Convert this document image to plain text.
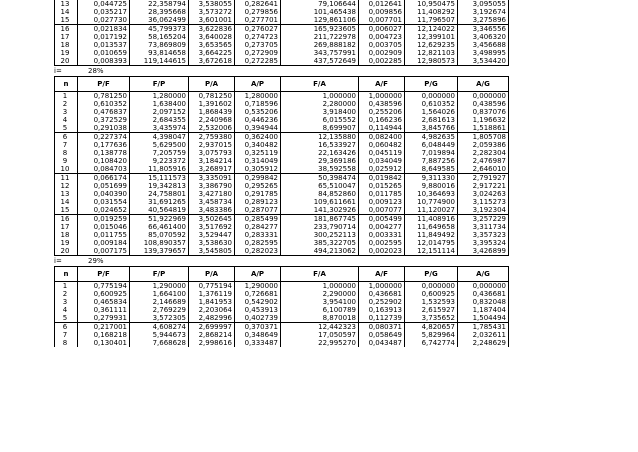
13	0,044725	22,358794	3,538055	0,282641	79,106644	0,012641	10,950475	3,095055
14	0,035217	28,395668	3,573272	0,279856	101,465438	0,009856	11,408292	3,192674
15	0,027730	36,062499	3,601001	0,277701	129,861106	0,007701	11,796507	3,275896
16	0,021834	45,799373	3,622836	0,276027	165,923605	0,006027	12,124022	3,346556
17	0,017192	58,165204	3,640028	0,274723	211,722978	0,004723	12,399101	3,406320
18	0,013537	73,869809	3,653565	0,273705	269,888182	0,003705	12,629235	3,456688
19	0,010659	93,814658	3,664225	0,272909	343,757991	0,002909	12,821103	3,498995
20	0,008393	119,144615	3,672618	0,272285	437,572649	0,002285	12,980573	3,534420
i=	28%
n	P/F	F/P	P/A	A/P	F/A	A/F	P/G	A/G
1	0,781250	1,280000	0,781250	1,280000	1,000000	1,000000	0,000000	0,000000
2	0,610352	1,638400	1,391602	0,718596	2,280000	0,438596	0,610352	0,438596
3	0,476837	2,097152	1,868439	0,535206	3,918400	0,255206	1,564026	0,837076
4	0,372529	2,684355	2,240968	0,446236	6,015552	0,166236	2,681613	1,196632
5	0,291038	3,435974	2,532006	0,394944	8,699907	0,114944	3,845766	1,518861
6	0,227374	4,398047	2,759380	0,362400	12,135880	0,082400	4,982635	1,805708
7	0,177636	5,629500	2,937015	0,340482	16,533927	0,060482	6,048449	2,059386
8	0,138778	7,205759	3,075793	0,325119	22,163426	0,045119	7,019894	2,282304
9	0,108420	9,223372	3,184214	0,314049	29,369186	0,034049	7,887256	2,476987
10	0,084703	11,805916	3,268917	0,305912	38,592558	0,025912	8,649585	2,646010
11	0,066174	15,111573	3,335091	0,299842	50,398474	0,019842	9,311330	2,791927
12	0,051699	19,342813	3,386790	0,295265	65,510047	0,015265	9,880016	2,917221
13	0,040390	24,758801	3,427180	0,291785	84,852860	0,011785	10,364693	3,024263
14	0,031554	31,691265	3,458734	0,289123	109,611661	0,009123	10,774900	3,115273
15	0,024652	40,564819	3,483386	0,287077	141,302926	0,007077	11,120027	3,192304
16	0,019259	51,922969	3,502645	0,285499	181,867745	0,005499	11,408916	3,257229
17	0,015046	66,461400	3,517692	0,284277	233,790714	0,004277	11,649658	3,311734
18	0,011755	85,070592	3,529447	0,283331	300,252113	0,003331	11,849492	3,357323
19	0,009184	108,890357	3,538630	0,282595	385,322705	0,002595	12,014795	3,395324
20	0,007175	139,379657	3,545805	0,282023	494,213062	0,002023	12,151114	3,426899
i=	29%
n	P/F	F/P	P/A	A/P	F/A	A/F	P/G	A/G
1	0,775194	1,290000	0,775194	1,290000	1,000000	1,000000	0,000000	0,000000
2	0,600925	1,664100	1,376119	0,726681	2,290000	0,436681	0,600925	0,436681
3	0,465834	2,146689	1,841953	0,542902	3,954100	0,252902	1,532593	0,832048
4	0,361111	2,769229	2,203064	0,453913	6,100789	0,163913	2,615927	1,187404
5	0,279931	3,572305	2,482996	0,402739	8,870018	0,112739	3,735652	1,504494
6	0,217001	4,608274	2,699997	0,370371	12,442323	0,080371	4,820657	1,785431
7	0,168218	5,944673	2,868214	0,348649	17,050597	0,058649	5,829964	2,032611
8	0,130401	7,668628	2,998616	0,333487	22,995270	0,043487	6,742774	2,248629
